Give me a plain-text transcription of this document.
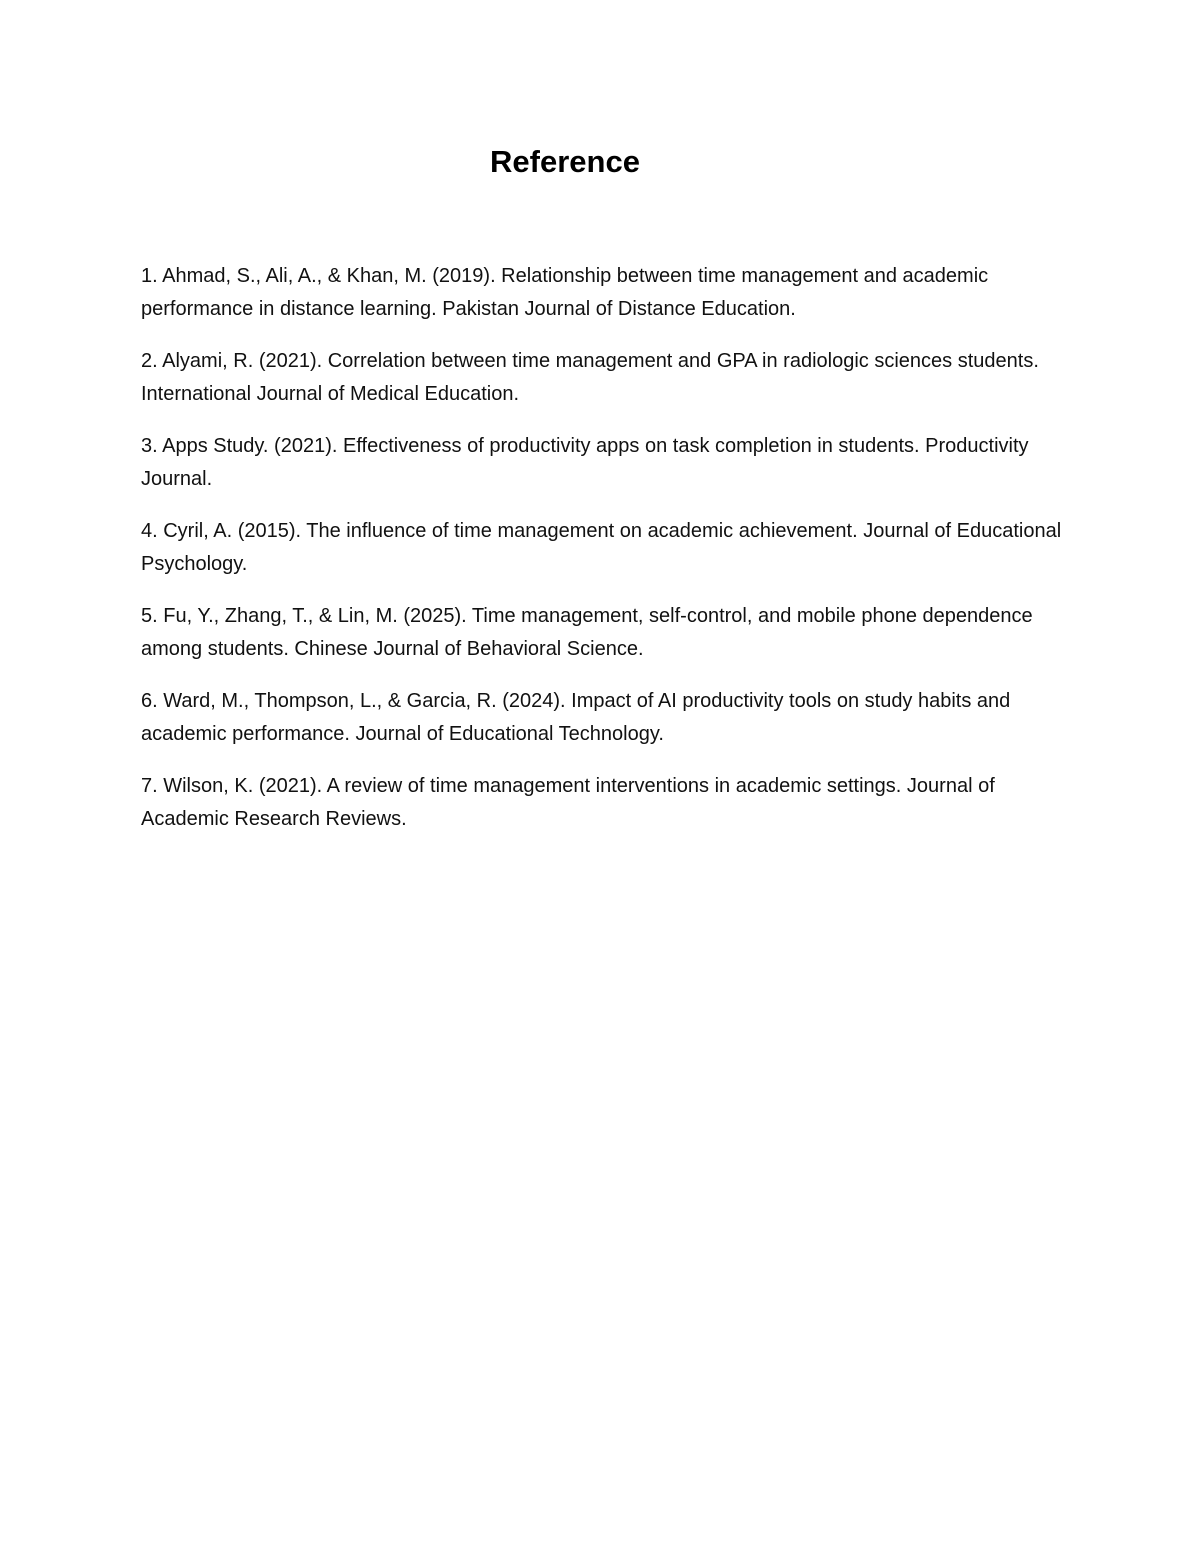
Reference
1. Ahmad, S., Ali, A., & Khan, M. (2019). Relationship between time management and academic performance in distance learning. Pakistan Journal of Distance Education.
2. Alyami, R. (2021). Correlation between time management and GPA in radiologic sciences students. International Journal of Medical Education.
3. Apps Study. (2021). Effectiveness of productivity apps on task completion in students. Productivity Journal.
4. Cyril, A. (2015). The influence of time management on academic achievement. Journal of Educational Psychology.
5. Fu, Y., Zhang, T., & Lin, M. (2025). Time management, self-control, and mobile phone dependence among students. Chinese Journal of Behavioral Science.
6. Ward, M., Thompson, L., & Garcia, R. (2024). Impact of AI productivity tools on study habits and academic performance. Journal of Educational Technology.
7. Wilson, K. (2021). A review of time management interventions in academic settings. Journal of Academic Research Reviews.
